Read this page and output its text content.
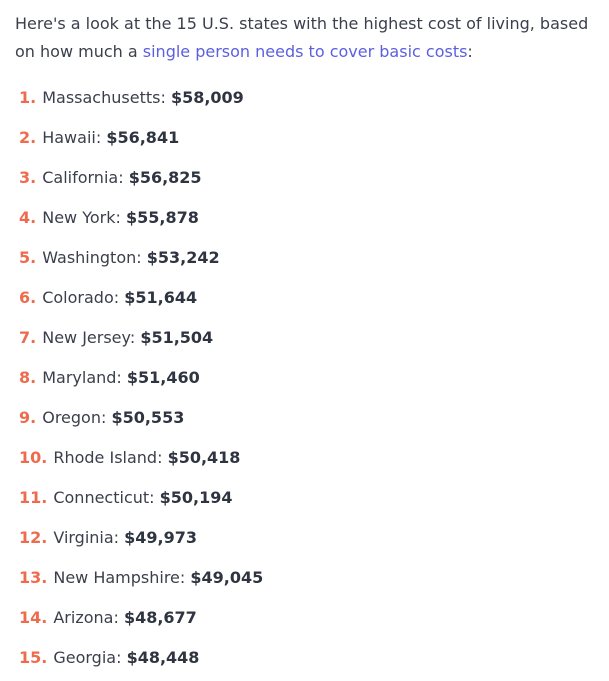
Here's a look at the 15 U.S. states with the highest cost of living, based
on how much a single person needs to cover basic costs:

1. Massachusetts: $58,009
2. Hawaii: $56,841
3. California: $56,825
4. New York: $55,878
5. Washington: $53,242
6. Colorado: $51,644
7. New Jersey: $51,504
8. Maryland: $51,460
9. Oregon: $50,553
10. Rhode Island: $50,418
11. Connecticut: $50,194
12. Virginia: $49,973
13. New Hampshire: $49,045
14. Arizona: $48,677
15. Georgia: $48,448
